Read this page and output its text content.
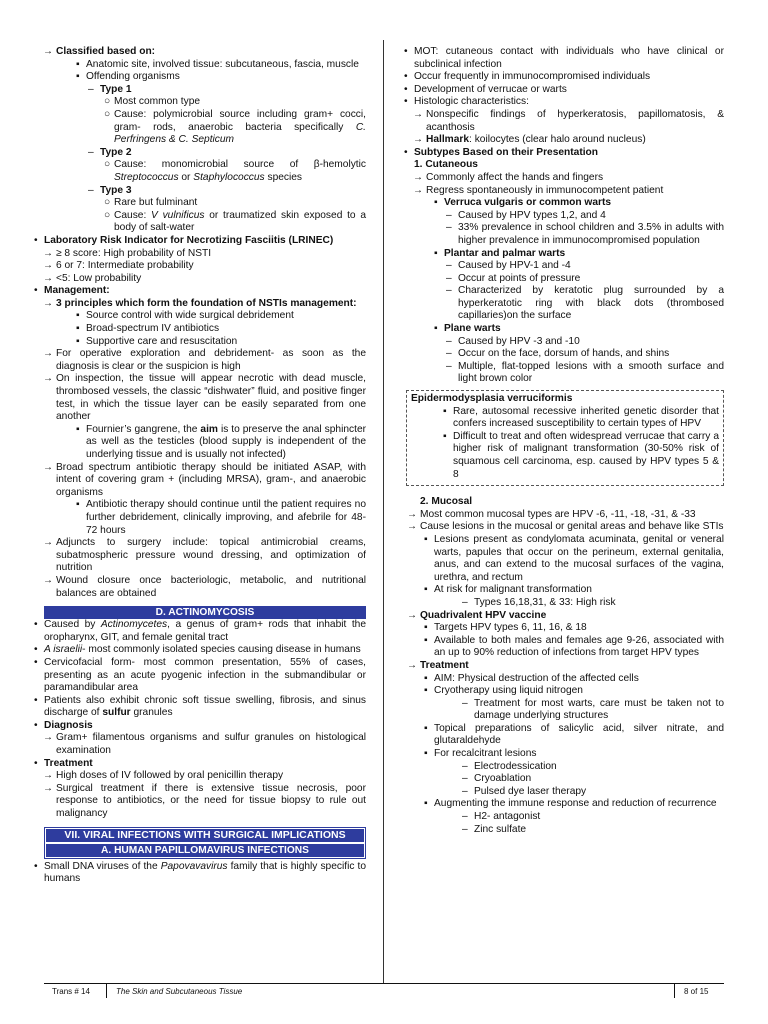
→ Classified based on:
▪ Anatomic site, involved tissue: subcutaneous, fascia, muscle
▪ Offending organisms
– Type 1
○ Most common type
○ Cause: polymicrobial source including gram+ cocci, gram- rods, anaerobic bacteria specifically C. Perfringens & C. Septicum
– Type 2
○ Cause: monomicrobial source of β-hemolytic Streptococcus or Staphylococcus species
– Type 3
○ Rare but fulminant
○ Cause: V vulnificus or traumatized skin exposed to a body of salt-water
• Laboratory Risk Indicator for Necrotizing Fasciitis (LRINEC)
→ ≥ 8 score: High probability of NSTI
→ 6 or 7: Intermediate probability
→ <5: Low probability
• Management:
→ 3 principles which form the foundation of NSTIs management:
▪ Source control with wide surgical debridement
▪ Broad-spectrum IV antibiotics
▪ Supportive care and resuscitation
→ For operative exploration and debridement- as soon as the diagnosis is clear or the suspicion is high
→ On inspection, the tissue will appear necrotic with dead muscle, thrombosed vessels, the classic “dishwater” fluid, and positive finger test, in which the tissue layer can be easily separated from one another
▪ Fournier’s gangrene, the aim is to preserve the anal sphincter as well as the testicles (blood supply is independent of the underlying tissue and is usually not infected)
→ Broad spectrum antibiotic therapy should be initiated ASAP, with intent of covering gram + (including MRSA), gram-, and anaerobic organisms
▪ Antibiotic therapy should continue until the patient requires no further debridement, clinically improving, and afebrile for 48-72 hours
→ Adjuncts to surgery include: topical antimicrobial creams, subatmospheric pressure wound dressing, and optimization of nutrition
→ Wound closure once bacteriologic, metabolic, and nutritional balances are obtained
D. ACTINOMYCOSIS
• Caused by Actinomycetes, a genus of gram+ rods that inhabit the oropharynx, GIT, and female genital tract
• A israelii- most commonly isolated species causing disease in humans
• Cervicofacial form- most common presentation, 55% of cases, presenting as an acute pyogenic infection in the submandibular or paramandibular area
• Patients also exhibit chronic soft tissue swelling, fibrosis, and sinus discharge of sulfur granules
• Diagnosis
→ Gram+ filamentous organisms and sulfur granules on histological examination
• Treatment
→ High doses of IV followed by oral penicillin therapy
→ Surgical treatment if there is extensive tissue necrosis, poor response to antibiotics, or the need for tissue biopsy to rule out malignancy
VII. VIRAL INFECTIONS WITH SURGICAL IMPLICATIONS
A. HUMAN PAPILLOMAVIRUS INFECTIONS
• Small DNA viruses of the Papovavavirus family that is highly specific to humans
• MOT: cutaneous contact with individuals who have clinical or subclinical infection
• Occur frequently in immunocompromised individuals
• Development of verrucae or warts
• Histologic characteristics:
→ Nonspecific findings of hyperkeratosis, papillomatosis, & acanthosis
→ Hallmark: koilocytes (clear halo around nucleus)
• Subtypes Based on their Presentation
1. Cutaneous
→ Commonly affect the hands and fingers
→ Regress spontaneously in immunocompetent patient
▪ Verruca vulgaris or common warts
– Caused by HPV types 1,2, and 4
– 33% prevalence in school children and 3.5% in adults with higher prevalence in immunocompromised population
▪ Plantar and palmar warts
– Caused by HPV-1 and -4
– Occur at points of pressure
– Characterized by keratotic plug surrounded by a hyperkeratotic ring with black dots (thrombosed capillaries)on the surface
▪ Plane warts
– Caused by HPV -3 and -10
– Occur on the face, dorsum of hands, and shins
– Multiple, flat-topped lesions with a smooth surface and light brown color
Epidermodysplasia verruciformis
▪ Rare, autosomal recessive inherited genetic disorder that confers increased susceptibility to certain types of HPV
▪ Difficult to treat and often widespread verrucae that carry a higher risk of malignant transformation (30-50% risk of squamous cell carcinoma, esp. caused by HPV types 5 & 8
2. Mucosal
→ Most common mucosal types are HPV -6, -11, -18, -31, & -33
→ Cause lesions in the mucosal or genital areas and behave like STIs
▪ Lesions present as condylomata acuminata, genital or veneral warts, papules that occur on the perineum, external genitalia, anus, and can extend to the mucosal surfaces of the vagina, urethra, and rectum
▪ At risk for malignant transformation
– Types 16,18,31, & 33: High risk
→ Quadrivalent HPV vaccine
▪ Targets HPV types 6, 11, 16, & 18
▪ Available to both males and females age 9-26, associated with an up to 90% reduction of infections from target HPV types
→ Treatment
▪ AIM: Physical destruction of the affected cells
▪ Cryotherapy using liquid nitrogen
– Treatment for most warts, care must be taken not to damage underlying structures
▪ Topical preparations of salicylic acid, silver nitrate, and glutaraldehyde
▪ For recalcitrant lesions
– Electrodessication
– Cryoablation
– Pulsed dye laser therapy
▪ Augmenting the immune response and reduction of recurrence
– H2- antagonist
– Zinc sulfate
Trans # 14	The Skin and Subcutaneous Tissue	8 of 15
